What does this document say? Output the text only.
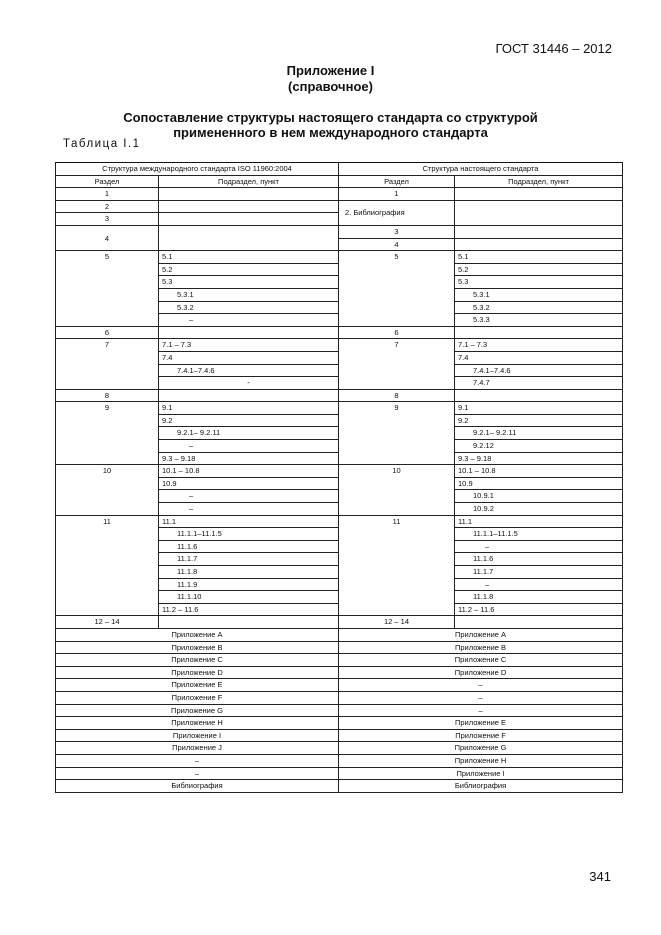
ГОСТ 31446 – 2012
Приложение I
(справочное)
Сопоставление структуры настоящего стандарта со структурой
примененного в нем международного стандарта
Таблица I.1
Структура международного стандарта ISO 11960:2004		Структура настоящего стандарта	
Раздел	Подраздел, пункт	Раздел	Подраздел, пункт
1		1	
2		2. Библиография	
3			
4		3	
		4	
5	5.1	5	5.1
	5.2		5.2
	5.3		5.3
	5.3.1		5.3.1
	5.3.2		5.3.2
	–		5.3.3
6		6	
7	7.1 – 7.3	7	7.1 – 7.3
	7.4		7.4
	7.4.1–7.4.6		7.4.1–7.4.6
	-		7.4.7
8		8	
9	9.1	9	9.1
	9.2		9.2
	9.2.1– 9.2.11		9.2.1– 9.2.11
	–		9.2.12
	9.3 – 9.18		9.3 – 9.18
10	10.1 – 10.8	10	10.1 – 10.8
	10.9		10.9
	–		10.9.1
	–		10.9.2
11	11.1	11	11.1
	11.1.1–11.1.5		11.1.1–11.1.5
	11.1.6		–
	11.1.7		11.1.6
	11.1.8		11.1.7
	11.1.9		–
	11.1.10		11.1.8
	11.2 – 11.6		11.2 – 11.6
12 – 14		12 – 14	
Приложение А		Приложение А	
Приложение В		Приложение В	
Приложение С		Приложение С	
Приложение D		Приложение D	
Приложение Е		–	
Приложение F		–	
Приложение G		–	
Приложение Н		Приложение Е	
Приложение I		Приложение F	
Приложение J		Приложение G	
–		Приложение Н	
–		Приложение I	
Библиография		Библиография	
341
